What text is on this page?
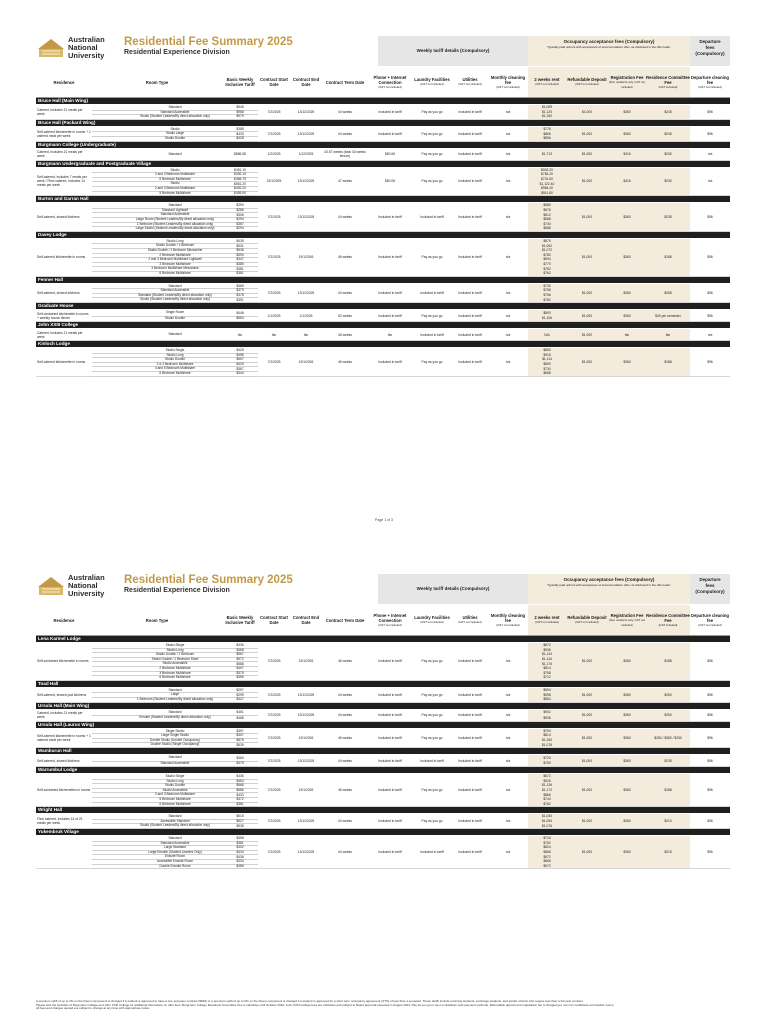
Australian
National
University
Residential Fee Summary 2025
Residential Experience Division	Weekly tariff details (Compulsory)
Occupancy acceptance fees (Compulsory)
Typically paid upfront with acceptance of accommodation offer, as disclosed in the offer letter.
Departure
fees
(Compulsory)
Residence	Room Type	Basic Weekly Inclusive Tariff
Contract Start Date
Contract End Date	Contract Term Date
Phone + Internet Connection
(GST not included)
Laundry Facilities
(GST not included)
Utilities
(GST not included)
Monthly cleaning fee
(GST not included)
2 weeks rent
(GST not included)
Refundable Deposit
(GST not included)
Registration Fee
(Non residents only, GST not included)
Residence Committee Fee
(GST included)
Departure cleaning fee
(GST not included)
Bruce Hall (Main Wing)
Catered, includes 21 meals per week
Standard	$946	$1,099
Standard Accessible	$968	$1,120
Studio (Student Leaders/By direct allocation only)	$979	$1,150
7/2/2025	13/12/2025	44 weeks	Included in tariff	Pay as you go	Included in tariff	n/a	$1,000	$360	$245	$96
Bruce Hall (Packard Wing)
Self-catered kitchenette in rooms + 1 catered meal per week
Studio	$388	$776
Studio Large	$433	$866
Studio Double	$428	$856
7/2/2025	13/12/2025	44 weeks	Included in tariff	Pay as you go	Included in tariff	n/a	$1,000	$360	$245	$96
Burgmann College (Undergraduate)
Catered, includes 21 meals per week
Standard	$856.58	$1,713
1/2/2025	1/12/2025	43.57 weeks (total 43 weeks tenure)	$50.06	Pay as you go	Included in tariff	n/a	$1,000	$416	$230	n/a
Burgmann Undergraduate and Postgraduate Village
Self-catered, includes 7 meals per week / Flexi catered, includes 14 meals per week
Studio	$451.10	$902.20
2 and 3 Bedroom Multishare	$392.10	$784.20
6 Bedroom Multishare	$365.75	$731.50
Studio	$561.20	$1,122.40
2 and 3 Bedroom Multishare	$492.20	$984.40
5 Bedroom Multishare	$455.90	$911.80
23/1/2025	19/12/2025	47 weeks	$50.06	Pay as you go	Included in tariff	n/a	$1,000	$416	$230	n/a
Burton and Garran Hall
Self-catered, shared kitchens
Standard	$290	$580
Standard Lightwell	$288	$576
Standard Accessible	$306	$612
Large Room (Student Leaders/By direct allocation only)	$294	$588
1 Bedroom (Student Leaders/By direct allocation only)	$367	$734
Large Studio (Student Leaders/By direct allocation only)	$294	$588
7/2/2025	13/12/2025	44 weeks	Included in tariff	Included in tariff	Included in tariff	n/a	$1,000	$360	$235	$96
Davey Lodge
Self-catered kitchenette in rooms
Studio Long	$435	$870
Studio Double / 1 Bedroom	$531	$1,062
Studio Double / 1 Bedroom Mezzanine	$536	$1,072
2 Bedroom Multishare	$390	$780
2 and 3 Bedroom Multishare Lightwell	$347	$694
3 Bedroom Multishare	$385	$770
3 Bedroom Multishare Mezzanine	$381	$762
6 Bedroom Multishare	$381	$762
7/2/2025	19/1/2026	46 weeks	Included in tariff	Pay as you go	Included in tariff	n/a	$1,000	$360	$188	$96
Fenner Hall
Self-catered, shared kitchens
Standard	$365	$730
Standard Accessible	$379	$758
Standard (Student Leaders/By direct allocation only)	$378	$756
Studio (Student Leaders/By direct allocation only)	$391	$782
7/2/2025	13/12/2025	44 weeks	Included in tariff	Included in tariff	Included in tariff	n/a	$1,000	$360	$265	$96
Graduate House
Self-contained kitchenette in rooms + weekly house dinner
Single Room	$446	$893
Studio Double	$553	$1,106
1/1/2025	1/1/2026	52 weeks	Included in tariff	Pay as you go	Included in tariff	n/a	$1,000	$360	$40 per semester	$96
John XXIII College
Catered, includes 21 meals per week
Standard	tbc	N/A
tbc	tbc	45 weeks	tbc	Included in tariff	Included in tariff	n/a	$1,000	tbc	tbc	n/a
Kinloch Lodge
Self-catered kitchenette in rooms
Studio Single	$425	$850
Studio Long	$458	$916
Studio Double	$557	$1,114
2 & 3 Bedroom Multishare	$425	$850
4 and 5 Bedroom Multishare	$367	$734
6 Bedroom Multishare	$344	$688
7/2/2025	19/1/2026	46 weeks	Included in tariff	Pay as you go	Included in tariff	n/a	$1,000	$360	$188	$96
Page 1 of 3
Australian
National
University
Residential Fee Summary 2025
Residential Experience Division	Weekly tariff details (Compulsory)
Occupancy acceptance fees (Compulsory)
Typically paid upfront with acceptance of accommodation offer, as disclosed in the offer letter.
Departure
fees
(Compulsory)
Residence	Room Type	Basic Weekly Inclusive Tariff
Contract Start Date
Contract End Date	Contract Term Date
Phone + Internet Connection
(GST not included)
Laundry Facilities
(GST not included)
Utilities
(GST not included)
Monthly cleaning fee
(GST not included)
2 weeks rent
(GST not included)
Refundable Deposit
(GST not included)
Registration Fee
(Non residents only, GST not included)
Residence Committee Fee
(GST included)
Departure cleaning fee
(GST not included)
Lena Karmel Lodge
Self-contained kitchenette in rooms
Studio Single	$436	$872
Studio Long	$468	$936
Studio Double / 1 Bedroom	$567	$1,134
Studio Double / 1 Bedroom Short	$572	$1,144
Studio Accessible	$588	$1,176
2 Bedroom Multishare	$407	$814
3 Bedroom Multishare	$379	$758
6 Bedroom Multishare	$356	$712
7/2/2025	19/1/2026	46 weeks	Included in tariff	Pay as you go	Included in tariff	n/a	$1,000	$360	$188	$96
Toad Hall
Self-catered, shared pod kitchens
Standard	$297	$594
Large	$299	$598
1 Bedroom (Student Leaders/By direct allocation only)	$427	$854
7/2/2025	13/12/2025	44 weeks	Included in tariff	Pay as you go	Included in tariff	n/a	$1,000	$360	$250	$96
Ursula Hall (Main Wing)
Catered, includes 21 meals per week
Standard	$451	$902
Ensuite (Student Leaders/By direct allocation only)	$468	$936
7/2/2025	13/12/2025	44 weeks	Included in tariff	Pay as you go	Included in tariff	n/a	$1,000	$360	$250	$96
Ursula Hall (Laurus Wing)
Self-catered kitchenette in rooms + 1 catered meal per week
Single Studio	$397	$794
Large Single Studio	$407	$814
Double Studio (Double Occupancy)	$575	$1,150
Double Studio (Single Occupancy)	$539	$1,078
7/2/2025	19/1/2026	46 weeks	Included in tariff	Pay as you go	Included in tariff	n/a	$1,000	$360	$250 / $380 / $250	$96
Wamburun Hall
Self-catered, shared kitchens
Standard	$360	$720
Standard Accessible	$375	$750
7/2/2025	13/12/2025	44 weeks	Included in tariff	Included in tariff	Included in tariff	n/a	$1,000	$360	$235	$96
Warrumbul Lodge
Self-contained kitchenettes in rooms
Studio Single	$436	$872
Studio Long	$463	$926
Studio Double	$568	$1,136
Studio Accessible	$586	$1,172
2 and 3 Bedroom Multishare	$433	$866
5 Bedroom Multishare	$372	$744
6 Bedroom Multishare	$381	$762
7/2/2025	19/1/2026	46 weeks	Included in tariff	Pay as you go	Included in tariff	n/a	$1,000	$360	$188	$96
Wright Hall
Flexi catered, includes 14 of 21 meals per week
Standard	$515	$1,030
Accessible Standard	$527	$1,054
Studio (Student Leaders/By direct allocation only)	$538	$1,076
7/2/2025	13/12/2025	44 weeks	Included in tariff	Pay as you go	Included in tariff	n/a	$1,000	$360	$210	$96
Yukembruk Village
Standard	$358	$716
Standard Accessible	$381	$762
Large Standard	$402	$804
Large Ensuite (Student Leaders Only)	$434	$868
Ensuite Room	$436	$872
Accessible Ensuite Room	$434	$868
Double Ensuite Room	$486	$972
7/2/2025	13/12/2025	44 weeks	Included in tariff	Included in tariff	Included in tariff	n/a	$1,000	$360	$215	$96
A premium uplift of up to 3% on the Room component is charged if a student is approved to have a one semester contract ($660) or a premium uplift of up to 6% on the Room component is charged if a student is approved for a short term occupancy agreement (STO) of less than 1 semester. These tariffs include returning students, exchange students, and similar cohorts who require less than a full year contract.
Please visit the websites of Burgmann College and John XXIII College for additional information on offer fees. Burgmann College Residents Committee Fee is indicative until October 2024. John XXIII College fees are indicative and subject to Board approval expected in August 2024. Pay as you go is via a contactless card payment methods. Refundable deposit and registration fee is charged per room for multishare and double rooms.
All fees and charges quoted are subject to change at any time with appropriate notice.
